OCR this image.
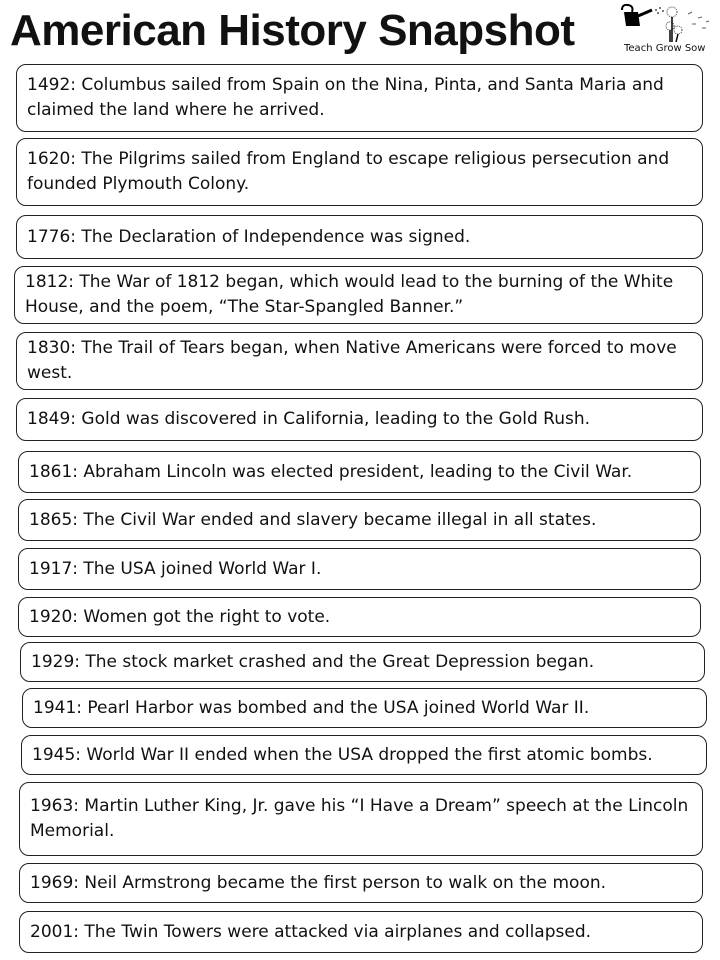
American History Snapshot	Teach Grow Sow
1492: Columbus sailed from Spain on the Nina, Pinta, and Santa Maria and claimed the land where he arrived.
1620: The Pilgrims sailed from England to escape religious persecution and founded Plymouth Colony.
1776: The Declaration of Independence was signed.
1812: The War of 1812 began, which would lead to the burning of the White House, and the poem, “The Star-Spangled Banner.”
1830: The Trail of Tears began, when Native Americans were forced to move west.
1849: Gold was discovered in California, leading to the Gold Rush.
1861: Abraham Lincoln was elected president, leading to the Civil War.
1865: The Civil War ended and slavery became illegal in all states.
1917: The USA joined World War I.
1920: Women got the right to vote.
1929: The stock market crashed and the Great Depression began.
1941: Pearl Harbor was bombed and the USA joined World War II.
1945: World War II ended when the USA dropped the first atomic bombs.
1963: Martin Luther King, Jr. gave his “I Have a Dream” speech at the Lincoln Memorial.
1969: Neil Armstrong became the first person to walk on the moon.
2001: The Twin Towers were attacked via airplanes and collapsed.
